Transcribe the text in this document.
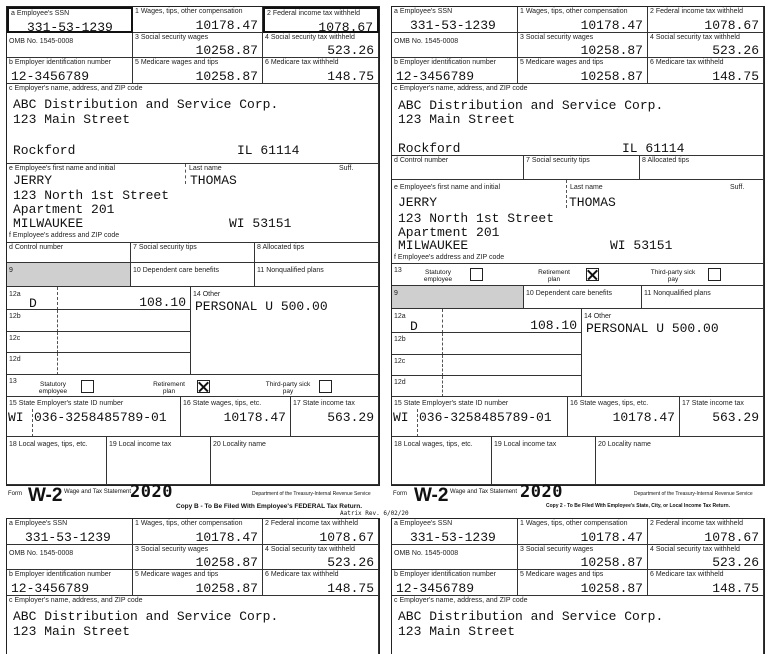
a Employee's SSN
331-53-1239
1 Wages, tips, other compensation
10178.47
2 Federal income tax withheld
1078.67
OMB No. 1545-0008
3 Social security wages
10258.87
4 Social security tax withheld
523.26
b Employer identification number
12-3456789
5 Medicare wages and tips
10258.87
6 Medicare tax withheld
148.75
c Employer's name, address, and ZIP code
ABC Distribution and Service Corp.
123 Main Street
Rockford	IL 61114
e Employee's first name and initial	Last name	Suff.
JERRY	THOMAS
123 North 1st Street
Apartment 201
MILWAUKEE	WI 53151
f Employee's address and ZIP code
d Control number	7 Social security tips	8 Allocated tips
9	10 Dependent care benefits	11 Nonqualified plans
12a
D	108.10
12b
12c
12d
14 Other
PERSONAL U 500.00
13	Statutory employee
Retirement plan
Third-party sick pay
15 State Employer's state ID number
WI 036-3258485789-01
16 State wages, tips, etc.
10178.47
17 State income tax
563.29
18 Local wages, tips, etc.	19 Local income tax	20 Locality name
Form W-2 Wage and Tax Statement
2020	Department of the Treasury-Internal Revenue Service
Copy B - To Be Filed With Employee's FEDERAL Tax Return.
Aatrix Rev. 6/02/20
a Employee's SSN
331-53-1239
1 Wages, tips, other compensation
10178.47
2 Federal income tax withheld
1078.67
OMB No. 1545-0008
3 Social security wages
10258.87
4 Social security tax withheld
523.26
b Employer identification number
12-3456789
5 Medicare wages and tips
10258.87
6 Medicare tax withheld
148.75
c Employer's name, address, and ZIP code
ABC Distribution and Service Corp.
123 Main Street
Rockford	IL 61114
d Control number	7 Social security tips	8 Allocated tips
e Employee's first name and initial	Last name	Suff.
JERRY	THOMAS
123 North 1st Street
Apartment 201
MILWAUKEE	WI 53151
f Employee's address and ZIP code
13	Statutory employee
Retirement plan
Third-party sick pay
9	10 Dependent care benefits	11 Nonqualified plans
12a
D	108.10
12b
12c
12d
14 Other
PERSONAL U 500.00
15 State Employer's state ID number
WI 036-3258485789-01
16 State wages, tips, etc.
10178.47
17 State income tax
563.29
18 Local wages, tips, etc.	19 Local income tax	20 Locality name
Form W-2 Wage and Tax Statement 2020	Department of the Treasury-Internal Revenue Service
Copy 2 - To Be Filed With Employee's State, City, or Local Income Tax Return.
a Employee's SSN
331-53-1239
1 Wages, tips, other compensation
10178.47
2 Federal income tax withheld
1078.67
OMB No. 1545-0008
3 Social security wages
10258.87
4 Social security tax withheld
523.26
b Employer identification number
12-3456789
5 Medicare wages and tips
10258.87
6 Medicare tax withheld
148.75
c Employer's name, address, and ZIP code
ABC Distribution and Service Corp.
123 Main Street
a Employee's SSN
331-53-1239
1 Wages, tips, other compensation
10178.47
2 Federal income tax withheld
1078.67
OMB No. 1545-0008
3 Social security wages
10258.87
4 Social security tax withheld
523.26
b Employer identification number
12-3456789
5 Medicare wages and tips
10258.87
6 Medicare tax withheld
148.75
c Employer's name, address, and ZIP code
ABC Distribution and Service Corp.
123 Main Street
